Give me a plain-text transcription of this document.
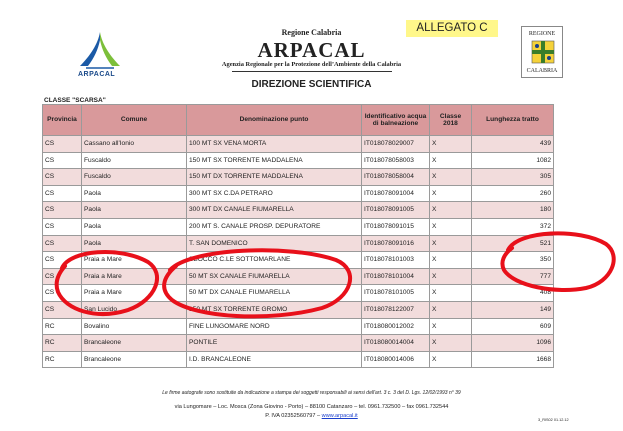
ARPACAL
Regione Calabria
ARPACAL
Agenzia Regionale per la Protezione dell’Ambiente della Calabria
DIREZIONE SCIENTIFICA
ALLEGATO C	REGIONE
CALABRIA
CLASSE "SCARSA"
Provincia	Comune	Denominazione punto	Identificativo acqua di balneazione	Classe 2018	Lunghezza tratto
CS	Cassano all'Ionio	100 MT SX VENA MORTA	IT018078029007	X	439
CS	Fuscaldo	150 MT SX TORRENTE MADDALENA	IT018078058003	X	1082
CS	Fuscaldo	150 MT DX TORRENTE MADDALENA	IT018078058004	X	305
CS	Paola	300 MT SX C.DA PETRARO	IT018078091004	X	260
CS	Paola	300 MT DX CANALE FIUMARELLA	IT018078091005	X	180
CS	Paola	200 MT S. CANALE PROSP. DEPURATORE	IT018078091015	X	372
CS	Paola	T. SAN DOMENICO	IT018078091016	X	521
CS	Praia a Mare	SBOCCO C.LE SOTTOMARLANE	IT018078101003	X	350
CS	Praia a Mare	50 MT SX CANALE FIUMARELLA	IT018078101004	X	777
CS	Praia a Mare	50 MT DX CANALE FIUMARELLA	IT018078101005	X	408
CS	San Lucido	150 MT SX TORRENTE GROMO	IT018078122007	X	149
RC	Bovalino	FINE LUNGOMARE NORD	IT018080012002	X	609
RC	Brancaleone	PONTILE	IT018080014004	X	1096
RC	Brancaleone	I.D. BRANCALEONE	IT018080014006	X	1668
Le firme autografe sono sostituite da indicazione a stampa dei soggetti responsabili ai sensi dell'art. 3 c. 3 del D. Lgs. 12/02/1993 n° 39
via Lungomare – Loc. Mosca (Zona Giovino - Porto) – 88100 Catanzaro – tel. 0961.732500 – fax 0961.732544
P. IVA 02352560797 – www.arpacal.it
3_RIS02 01.12.12
